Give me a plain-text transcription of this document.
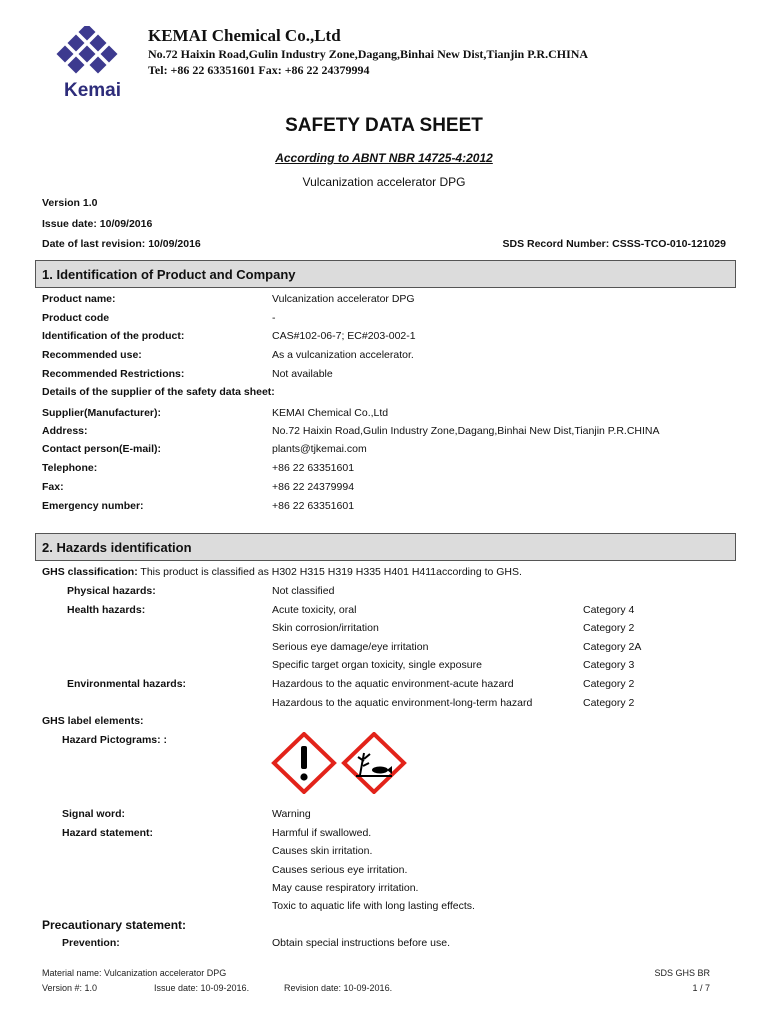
Kemai
KEMAI Chemical Co.,Ltd
No.72 Haixin Road,Gulin Industry Zone,Dagang,Binhai New Dist,Tianjin P.R.CHINA
Tel: +86 22 63351601 Fax: +86 22 24379994
SAFETY DATA SHEET
According to ABNT NBR 14725-4:2012
Vulcanization accelerator DPG
Version 1.0
Issue date: 10/09/2016
Date of last revision: 10/09/2016	SDS Record Number: CSSS-TCO-010-121029
1. Identification of Product and Company
Product name:	Vulcanization accelerator DPG
Product code	-
Identification of the product:	CAS#102-06-7; EC#203-002-1
Recommended use:	As a vulcanization accelerator.
Recommended Restrictions:	Not available
Details of the supplier of the safety data sheet:
Supplier(Manufacturer):	KEMAI Chemical Co.,Ltd
Address:	No.72 Haixin Road,Gulin Industry Zone,Dagang,Binhai New Dist,Tianjin P.R.CHINA
Contact person(E-mail):	plants@tjkemai.com
Telephone:	+86 22 63351601
Fax:	+86 22 24379994
Emergency number:	+86 22 63351601
2. Hazards identification
GHS classification: This product is classified as H302 H315 H319 H335 H401 H411according to GHS.
Physical hazards:	Not classified
Health hazards:	Acute toxicity, oral	Category 4
Skin corrosion/irritation	Category 2
Serious eye damage/eye irritation	Category 2A
Specific target organ toxicity, single exposure	Category 3
Environmental hazards:	Hazardous to the aquatic environment-acute hazard	Category 2
Hazardous to the aquatic environment-long-term hazard	Category 2
GHS label elements:
Hazard Pictograms: :
Signal word:	Warning
Hazard statement:	Harmful if swallowed.
Causes skin irritation.
Causes serious eye irritation.
May cause respiratory irritation.
Toxic to aquatic life with long lasting effects.
Precautionary statement:
Prevention:	Obtain special instructions before use.
Material name: Vulcanization accelerator DPG	SDS GHS BR
Version #: 1.0	Issue date: 10-09-2016.	Revision date: 10-09-2016.	1 / 7
